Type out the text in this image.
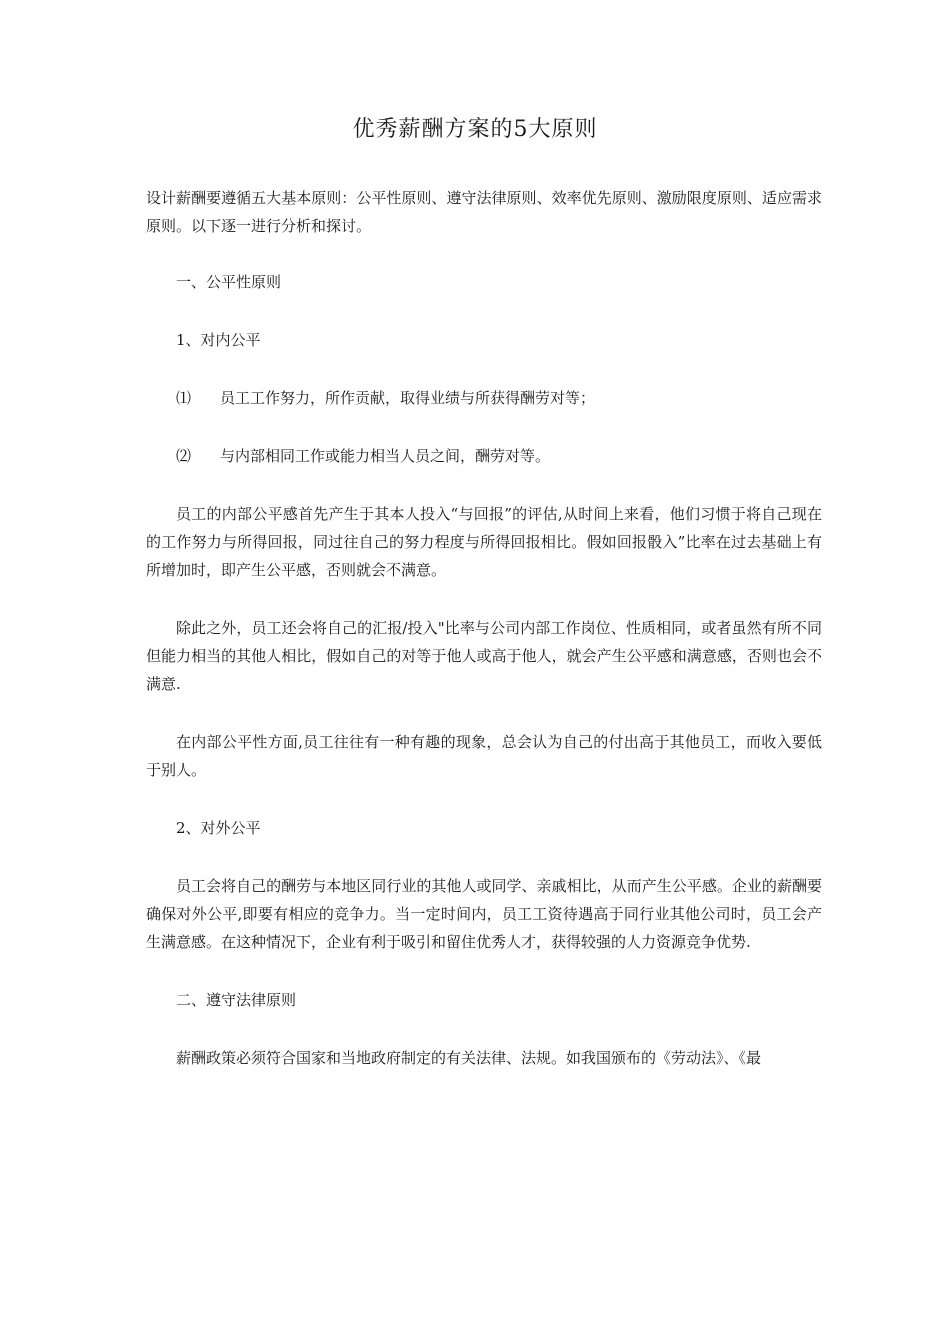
优秀薪酬方案的5大原则

设计薪酬要遵循五大基本原则：公平性原则、遵守法律原则、效率优先原则、激励限度原则、适应需求原则。以下逐一进行分析和探讨。

一、公平性原则

1、对内公平

⑴ 员工工作努力，所作贡献，取得业绩与所获得酬劳对等；

⑵ 与内部相同工作或能力相当人员之间，酬劳对等。

员工的内部公平感首先产生于其本人投入“与回报”的评估,从时间上来看，他们习惯于将自己现在的工作努力与所得回报，同过往自己的努力程度与所得回报相比。假如回报骰入”比率在过去基础上有所增加时，即产生公平感，否则就会不满意。

除此之外，员工还会将自己的汇报/投入"比率与公司内部工作岗位、性质相同，或者虽然有所不同但能力相当的其他人相比，假如自己的对等于他人或高于他人，就会产生公平感和满意感，否则也会不满意.

在内部公平性方面,员工往往有一种有趣的现象，总会认为自己的付出高于其他员工，而收入要低于别人。

2、对外公平

员工会将自己的酬劳与本地区同行业的其他人或同学、亲戚相比，从而产生公平感。企业的薪酬要确保对外公平,即要有相应的竞争力。当一定时间内，员工工资待遇高于同行业其他公司时，员工会产生满意感。在这种情况下，企业有利于吸引和留住优秀人才，获得较强的人力资源竞争优势.

二、遵守法律原则

薪酬政策必须符合国家和当地政府制定的有关法律、法规。如我国颁布的《劳动法》、《最
